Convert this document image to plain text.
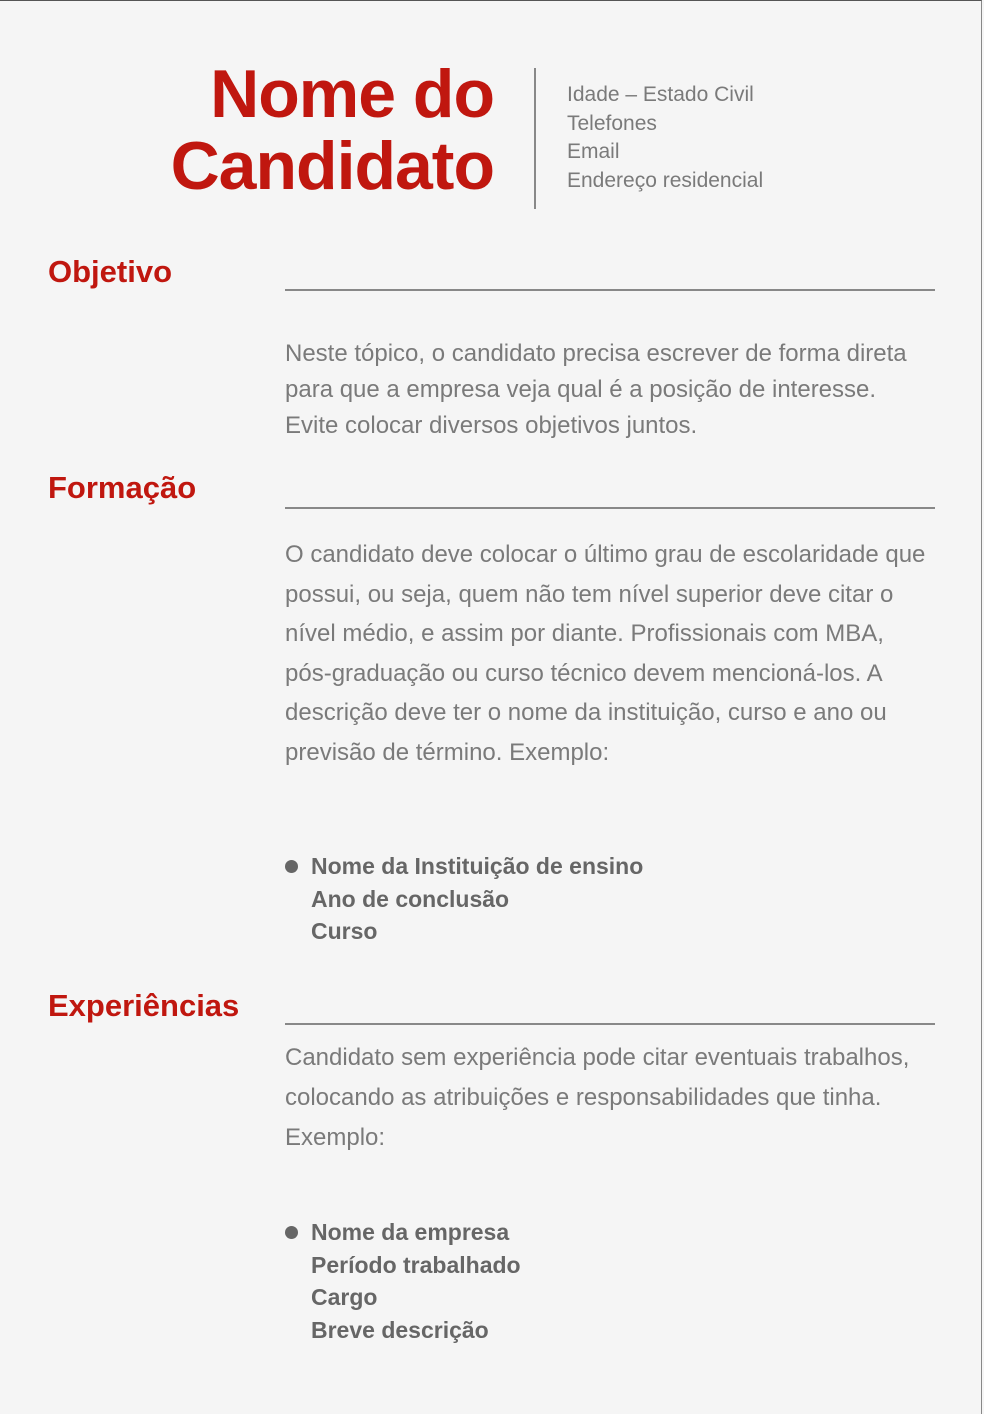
Nome do
Candidato
Idade – Estado Civil
Telefones
Email
Endereço residencial
Objetivo
Neste tópico, o candidato precisa escrever de forma direta para que a empresa veja qual é a posição de interesse. Evite colocar diversos objetivos juntos.
Formação
O candidato deve colocar o último grau de escolaridade que possui, ou seja, quem não tem nível superior deve citar o nível médio, e assim por diante. Profissionais com MBA, pós-graduação ou curso técnico devem mencioná-los. A descrição deve ter o nome da instituição, curso e ano ou previsão de término. Exemplo:
Nome da Instituição de ensino
Ano de conclusão
Curso
Experiências
Candidato sem experiência pode citar eventuais trabalhos, colocando as atribuições e responsabilidades que tinha. Exemplo:
Nome da empresa
Período trabalhado
Cargo
Breve descrição
